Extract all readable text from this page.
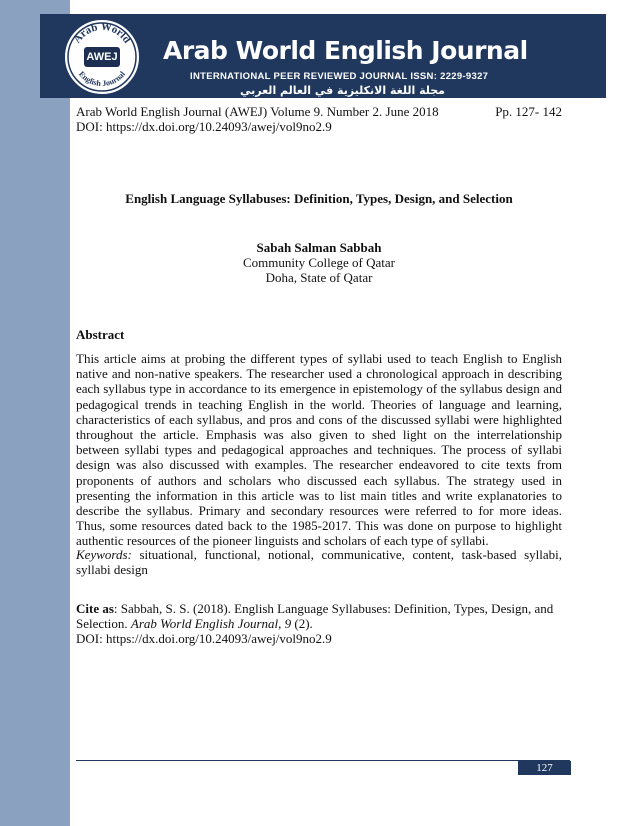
Arab World English Journal
INTERNATIONAL PEER REVIEWED JOURNAL ISSN: 2229-9327
مجلة اللغة الانكليزية في العالم العربي
Arab World
English Journal
AWEJ
Arab World English Journal (AWEJ) Volume 9. Number 2. June 2018	Pp. 127- 142
DOI: https://dx.doi.org/10.24093/awej/vol9no2.9
English Language Syllabuses: Definition, Types, Design, and Selection
Sabah Salman Sabbah
Community College of Qatar
Doha, State of Qatar
Abstract

This article aims at probing the different types of syllabi used to teach English to English native and non-native speakers. The researcher used a chronological approach in describing each syllabus type in accordance to its emergence in epistemology of the syllabus design and pedagogical trends in teaching English in the world. Theories of language and learning, characteristics of each syllabus, and pros and cons of the discussed syllabi were highlighted throughout the article. Emphasis was also given to shed light on the interrelationship between syllabi types and pedagogical approaches and techniques. The process of syllabi design was also discussed with examples. The researcher endeavored to cite texts from proponents of authors and scholars who discussed each syllabus. The strategy used in presenting the information in this article was to list main titles and write explanatories to describe the syllabus. Primary and secondary resources were referred to for more ideas. Thus, some resources dated back to the 1985-2017. This was done on purpose to highlight authentic resources of the pioneer linguists and scholars of each type of syllabi.

Keywords: situational, functional, notional, communicative, content, task-based syllabi, syllabi design

Cite as: Sabbah, S. S. (2018). English Language Syllabuses: Definition, Types, Design, and Selection. Arab World English Journal, 9 (2).
DOI: https://dx.doi.org/10.24093/awej/vol9no2.9

127
